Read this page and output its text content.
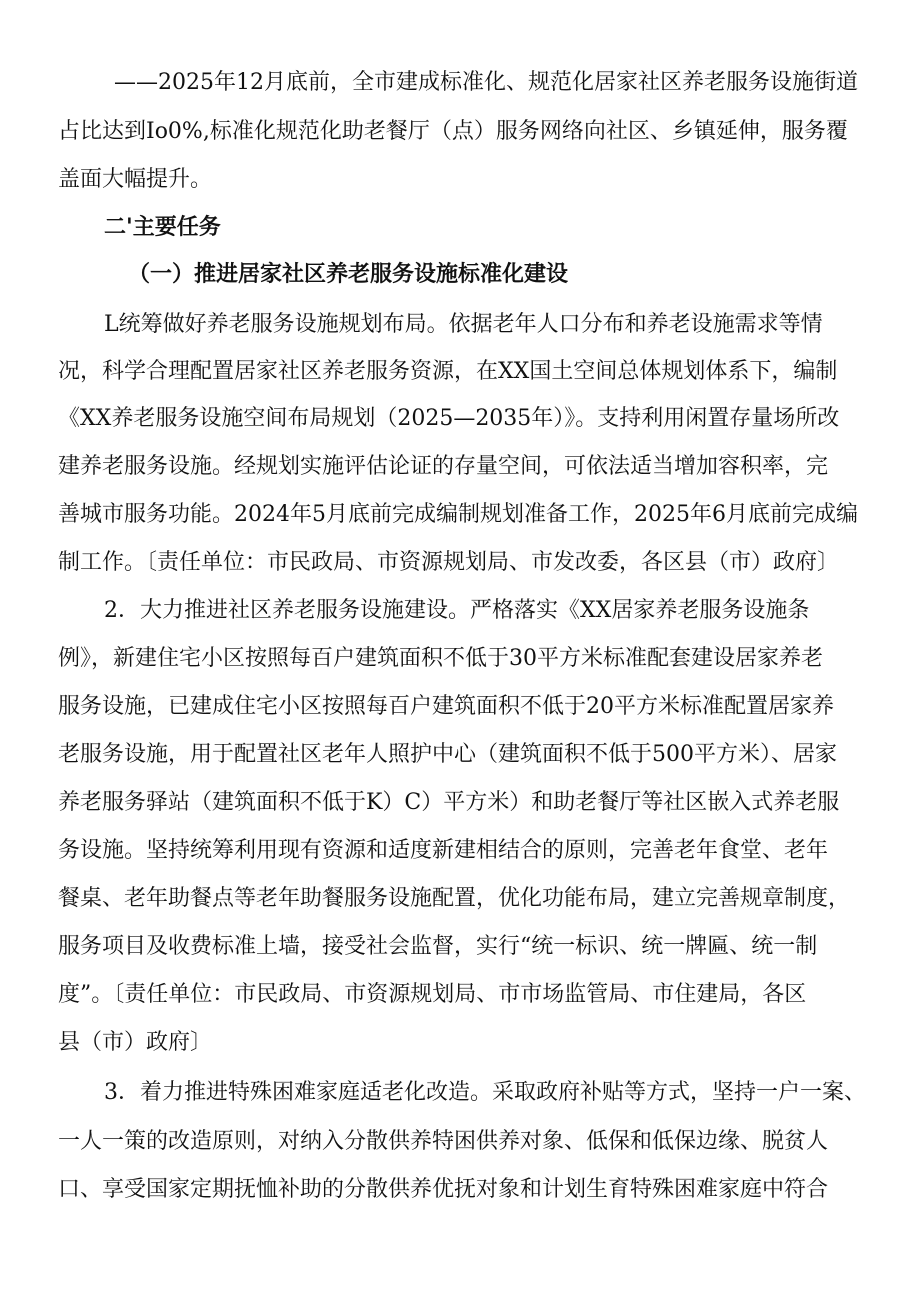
——2025年12月底前，全市建成标准化、规范化居家社区养老服务设施街道
占比达到Io0%,标准化规范化助老餐厅（点）服务网络向社区、乡镇延伸，服务覆
盖面大幅提升。
二'主要任务
（一）推进居家社区养老服务设施标准化建设
L统筹做好养老服务设施规划布局。依据老年人口分布和养老设施需求等情
况，科学合理配置居家社区养老服务资源，在XX国土空间总体规划体系下，编制
《XX养老服务设施空间布局规划（2025—2035年）》。支持利用闲置存量场所改
建养老服务设施。经规划实施评估论证的存量空间，可依法适当增加容积率，完
善城市服务功能。2024年5月底前完成编制规划准备工作，2025年6月底前完成编
制工作。〔责任单位：市民政局、市资源规划局、市发改委，各区县（市）政府〕
2．大力推进社区养老服务设施建设。严格落实《XX居家养老服务设施条
例》，新建住宅小区按照每百户建筑面积不低于30平方米标准配套建设居家养老
服务设施，已建成住宅小区按照每百户建筑面积不低于20平方米标准配置居家养
老服务设施，用于配置社区老年人照护中心（建筑面积不低于500平方米）、居家
养老服务驿站（建筑面积不低于K）C）平方米）和助老餐厅等社区嵌入式养老服
务设施。坚持统筹利用现有资源和适度新建相结合的原则，完善老年食堂、老年
餐桌、老年助餐点等老年助餐服务设施配置，优化功能布局，建立完善规章制度，
服务项目及收费标准上墙，接受社会监督，实行“统一标识、统一牌匾、统一制
度”。〔责任单位：市民政局、市资源规划局、市市场监管局、市住建局，各区
县（市）政府〕
3．着力推进特殊困难家庭适老化改造。采取政府补贴等方式，坚持一户一案、
一人一策的改造原则，对纳入分散供养特困供养对象、低保和低保边缘、脱贫人
口、享受国家定期抚恤补助的分散供养优抚对象和计划生育特殊困难家庭中符合
